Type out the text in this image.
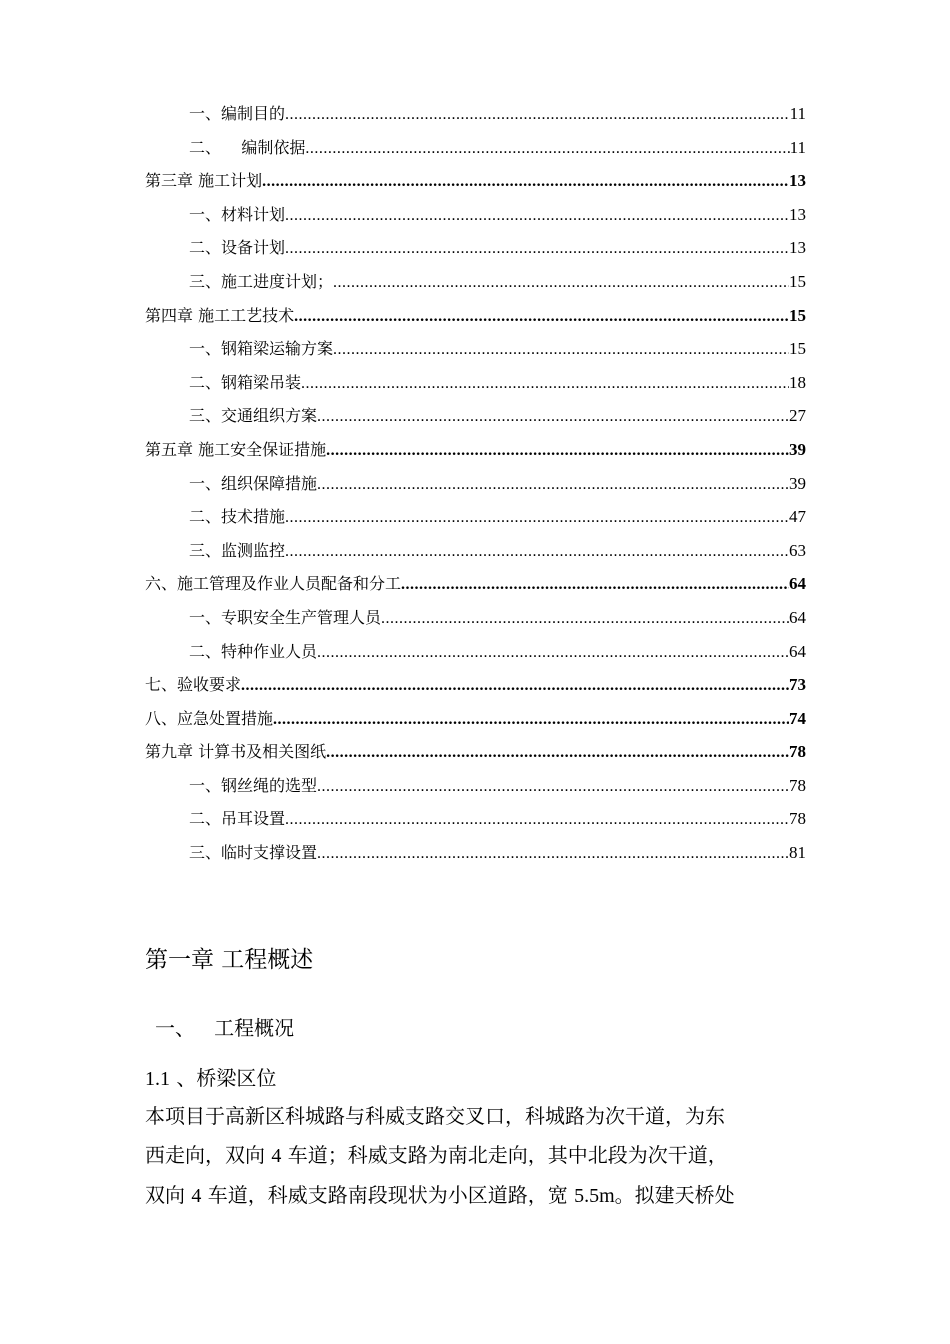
一、编制目的 .....	11
二、    编制依据 .....	11
第三章 施工计划 .....	13
一、材料计划 .....	13
二、设备计划 .....	13
三、施工进度计划； .....	15
第四章 施工工艺技术 .....	15
一、钢箱梁运输方案 .....	15
二、钢箱梁吊装 .....	18
三、交通组织方案 .....	27
第五章 施工安全保证措施 .....	39
一、组织保障措施 .....	39
二、技术措施 .....	47
三、监测监控 .....	63
六、施工管理及作业人员配备和分工 .....	64
一、专职安全生产管理人员 .....	64
二、特种作业人员 .....	64
七、验收要求 .....	73
八、应急处置措施 .....	74
第九章 计算书及相关图纸 .....	78
一、钢丝绳的选型 .....	78
二、吊耳设置 .....	78
三、临时支撑设置 .....	81
第一章 工程概述
一、   工程概况
1.1 、桥梁区位
本项目于高新区科城路与科威支路交叉口，科城路为次干道，为东
西走向，双向 4 车道；科威支路为南北走向，其中北段为次干道，
双向 4 车道，科威支路南段现状为小区道路，宽 5.5m。拟建天桥处
